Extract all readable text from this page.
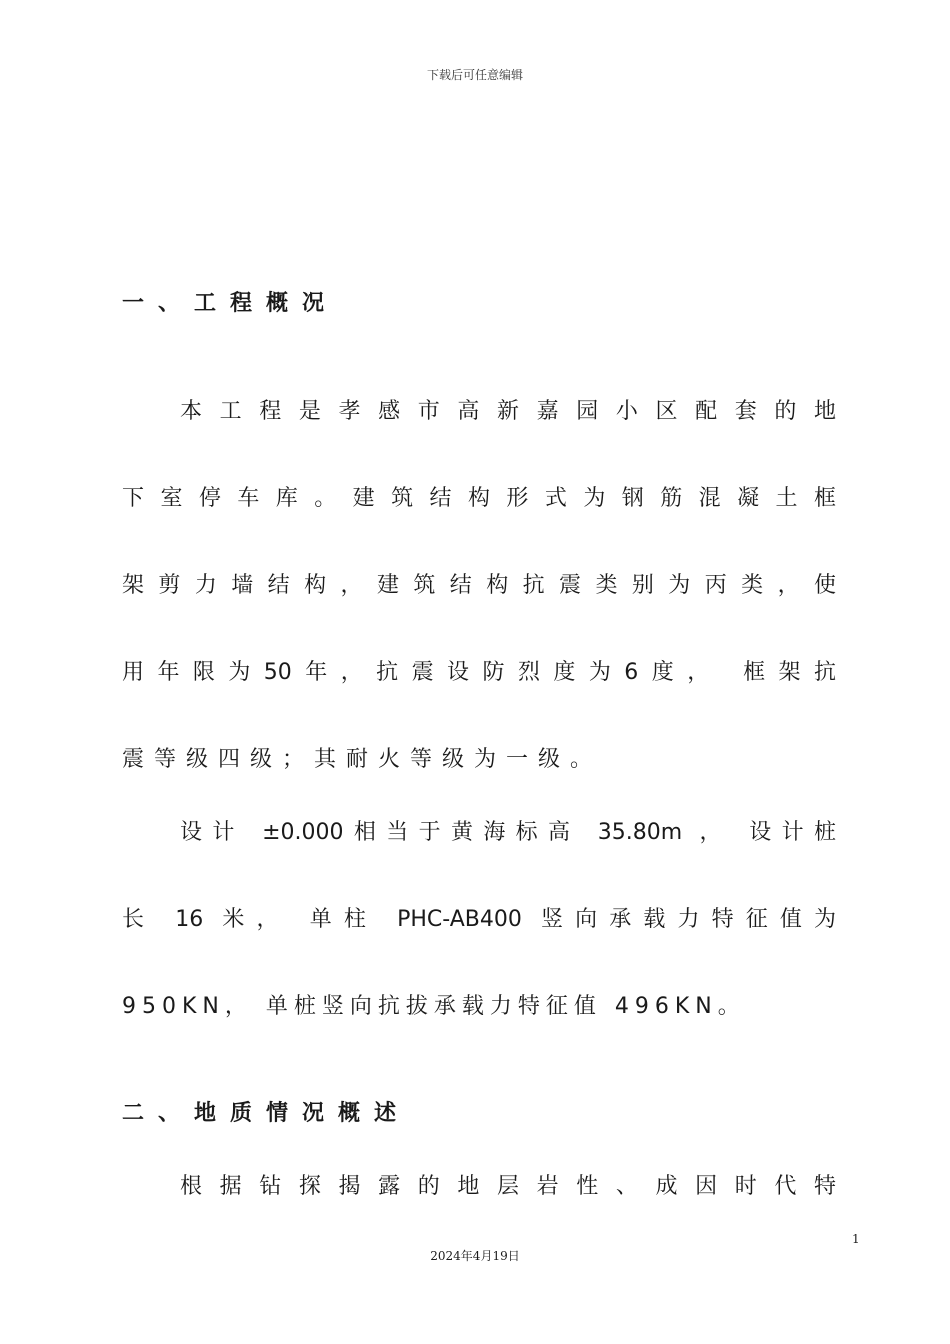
下载后可任意编辑
一、工程概况
本工程是孝感市高新嘉园小区配套的地
下室停车库。建筑结构形式为钢筋混凝土框
架剪力墙结构，建筑结构抗震类别为丙类，使
用年限为50年，抗震设防烈度为6度， 框架抗
震等级四级；其耐火等级为一级。
设计 ±0.000相当于黄海标高 35.80m ， 设计桩
长 16 米， 单柱 PHC-AB400 竖向承载力特征值为
950KN， 单桩竖向抗拔承载力特征值 496KN。
二、地质情况概述
根据钻探揭露的地层岩性、成因时代特
1
2024年4月19日
